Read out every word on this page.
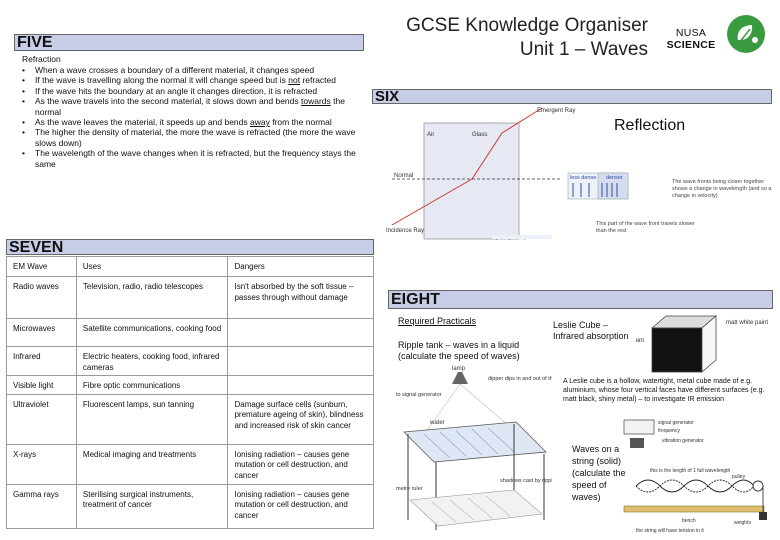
GCSE Knowledge Organiser
Unit 1 – Waves
NUSA
SCIENCE
FIVE
Refraction
• When a wave crosses a boundary of a different material, it changes speed
• If the wave is travelling along the normal it will change speed but is not refracted
• If the wave hits the boundary at an angle it changes direction, it is refracted
• As the wave travels into the second material, it slows down and bends towards the normal
• As the wave leaves the material, it speeds up and bends away from the normal
• The higher the density of material, the more the wave is refracted (the more the wave slows down)
• The wavelength of the wave changes when it is refracted, but the frequency stays the same
SIX
Air	Glass
Normal
Emergent Ray
Incidence Ray
less dense denser
The wave fronts being closer together shows a change in wavelength (and so a change in velocity)
This part of the wave front travels slower than the rest
Reflection
SEVEN
EM Wave	Uses	Dangers
Radio waves	Television, radio, radio telescopes	Isn't absorbed by the soft tissue – passes through without damage
Microwaves	Satellite communications, cooking food	
Infrared	Electric heaters, cooking food, infrared cameras	
Visible light	Fibre optic communications	
Ultraviolet	Fluorescent lamps, sun tanning	Damage surface cells (sunburn, premature ageing of skin), blindness and increased risk of skin cancer
X-rays	Medical imaging and treatments	Ionising radiation – causes gene mutation or cell destruction, and cancer
Gamma rays	Sterilising surgical instruments, treatment of cancer	Ionising radiation – causes gene mutation or cell destruction, and cancer
EIGHT
Required Practicals
Ripple tank – waves in a liquid (calculate the speed of waves)
Leslie Cube – Infrared absorption
A Leslie cube is a hollow, watertight, metal cube made of e.g. aluminium, whose four vertical faces have different surfaces (e.g. matt black, shiny metal) – to investigate IR emission
Waves on a string (solid) (calculate the speed of waves)
lamp
to signal generator
dipper dips in and out of th
water
metre ruler
shadows cast by rippl
matt white paint
int
signal generator
frequency
vibration generator
this is the length of 1 full wavelength
bench
pulley
weights
the string will have tension in it
